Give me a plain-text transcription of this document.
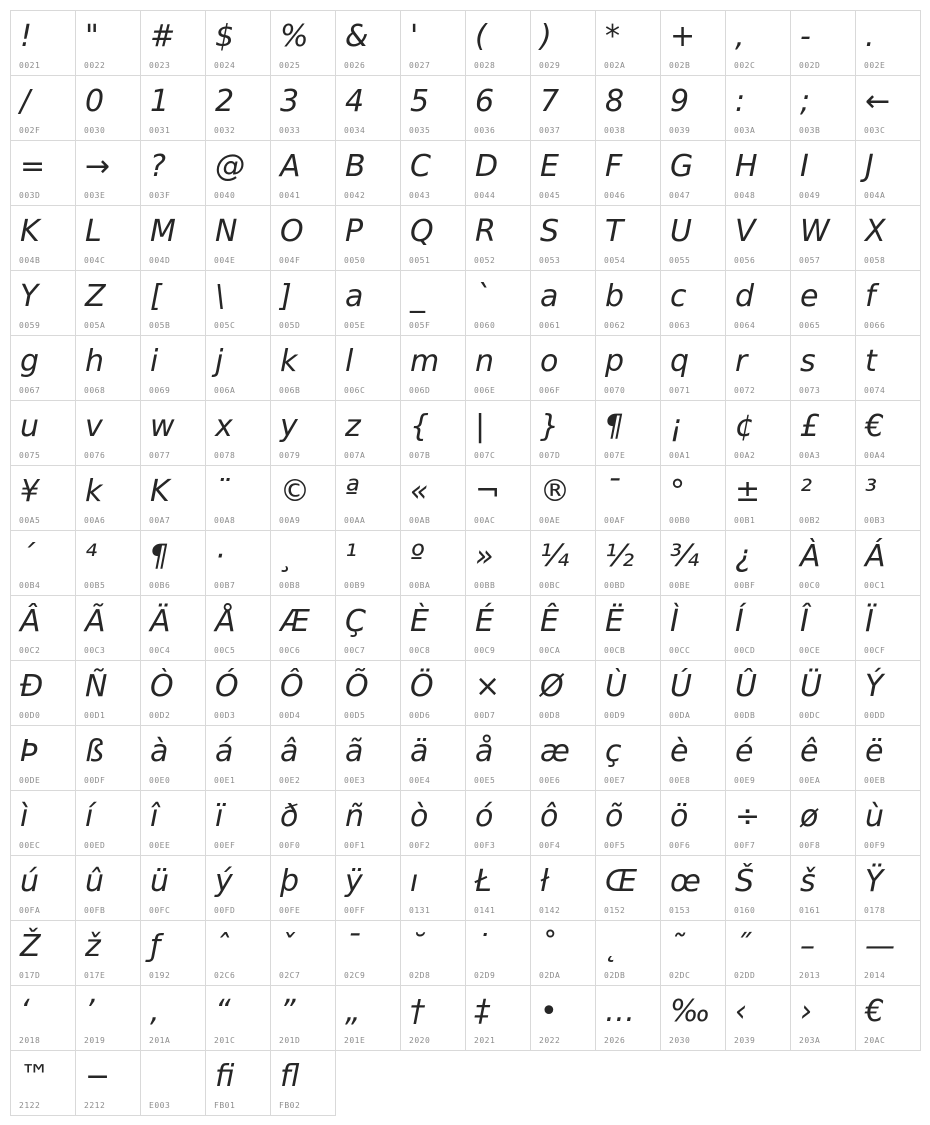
!
0021
"
0022
#
0023
$
0024
%
0025
&
0026
'
0027
(
0028
)
0029
*
002A
+
002B
,
002C
-
002D
.
002E
/
002F
0
0030
1
0031
2
0032
3
0033
4
0034
5
0035
6
0036
7
0037
8
0038
9
0039
:
003A
;
003B
←
003C
=
003D
→
003E
?
003F
@
0040
A
0041
B
0042
C
0043
D
0044
E
0045
F
0046
G
0047
H
0048
I
0049
J
004A
K
004B
L
004C
M
004D
N
004E
O
004F
P
0050
Q
0051
R
0052
S
0053
T
0054
U
0055
V
0056
W
0057
X
0058
Y
0059
Z
005A
[
005B
\
005C
]
005D
a
005E
_
005F
`
0060
a
0061
b
0062
c
0063
d
0064
e
0065
f
0066
g
0067
h
0068
i
0069
j
006A
k
006B
l
006C
m
006D
n
006E
o
006F
p
0070
q
0071
r
0072
s
0073
t
0074
u
0075
v
0076
w
0077
x
0078
y
0079
z
007A
{
007B
|
007C
}
007D
¶
007E
¡
00A1
¢
00A2
£
00A3
€
00A4
¥
00A5
k
00A6
K
00A7
¨
00A8
©
00A9
ª
00AA
«
00AB
¬
00AC
®
00AE
¯
00AF
°
00B0
±
00B1
²
00B2
³
00B3
´
00B4
⁴
00B5
¶
00B6
·
00B7
¸
00B8
¹
00B9
º
00BA
»
00BB
¼
00BC
½
00BD
¾
00BE
¿
00BF
À
00C0
Á
00C1
Â
00C2
Ã
00C3
Ä
00C4
Å
00C5
Æ
00C6
Ç
00C7
È
00C8
É
00C9
Ê
00CA
Ë
00CB
Ì
00CC
Í
00CD
Î
00CE
Ï
00CF
Đ
00D0
Ñ
00D1
Ò
00D2
Ó
00D3
Ô
00D4
Õ
00D5
Ö
00D6
×
00D7
Ø
00D8
Ù
00D9
Ú
00DA
Û
00DB
Ü
00DC
Ý
00DD
Þ
00DE
ß
00DF
à
00E0
á
00E1
â
00E2
ã
00E3
ä
00E4
å
00E5
æ
00E6
ç
00E7
è
00E8
é
00E9
ê
00EA
ë
00EB
ì
00EC
í
00ED
î
00EE
ï
00EF
ð
00F0
ñ
00F1
ò
00F2
ó
00F3
ô
00F4
õ
00F5
ö
00F6
÷
00F7
ø
00F8
ù
00F9
ú
00FA
û
00FB
ü
00FC
ý
00FD
þ
00FE
ÿ
00FF
ı
0131
Ł
0141
ł
0142
Œ
0152
œ
0153
Š
0160
š
0161
Ÿ
0178
Ž
017D
ž
017E
ƒ
0192
ˆ
02C6
ˇ
02C7
ˉ
02C9
˘
02D8
˙
02D9
˚
02DA
˛
02DB
˜
02DC
˝
02DD
–
2013
—
2014
‘
2018
’
2019
‚
201A
“
201C
”
201D
„
201E
†
2020
‡
2021
•
2022
…
2026
‰
2030
‹
2039
›
203A
€
20AC
™
2122
−
2212	E003
ﬁ
FB01
ﬂ
FB02
